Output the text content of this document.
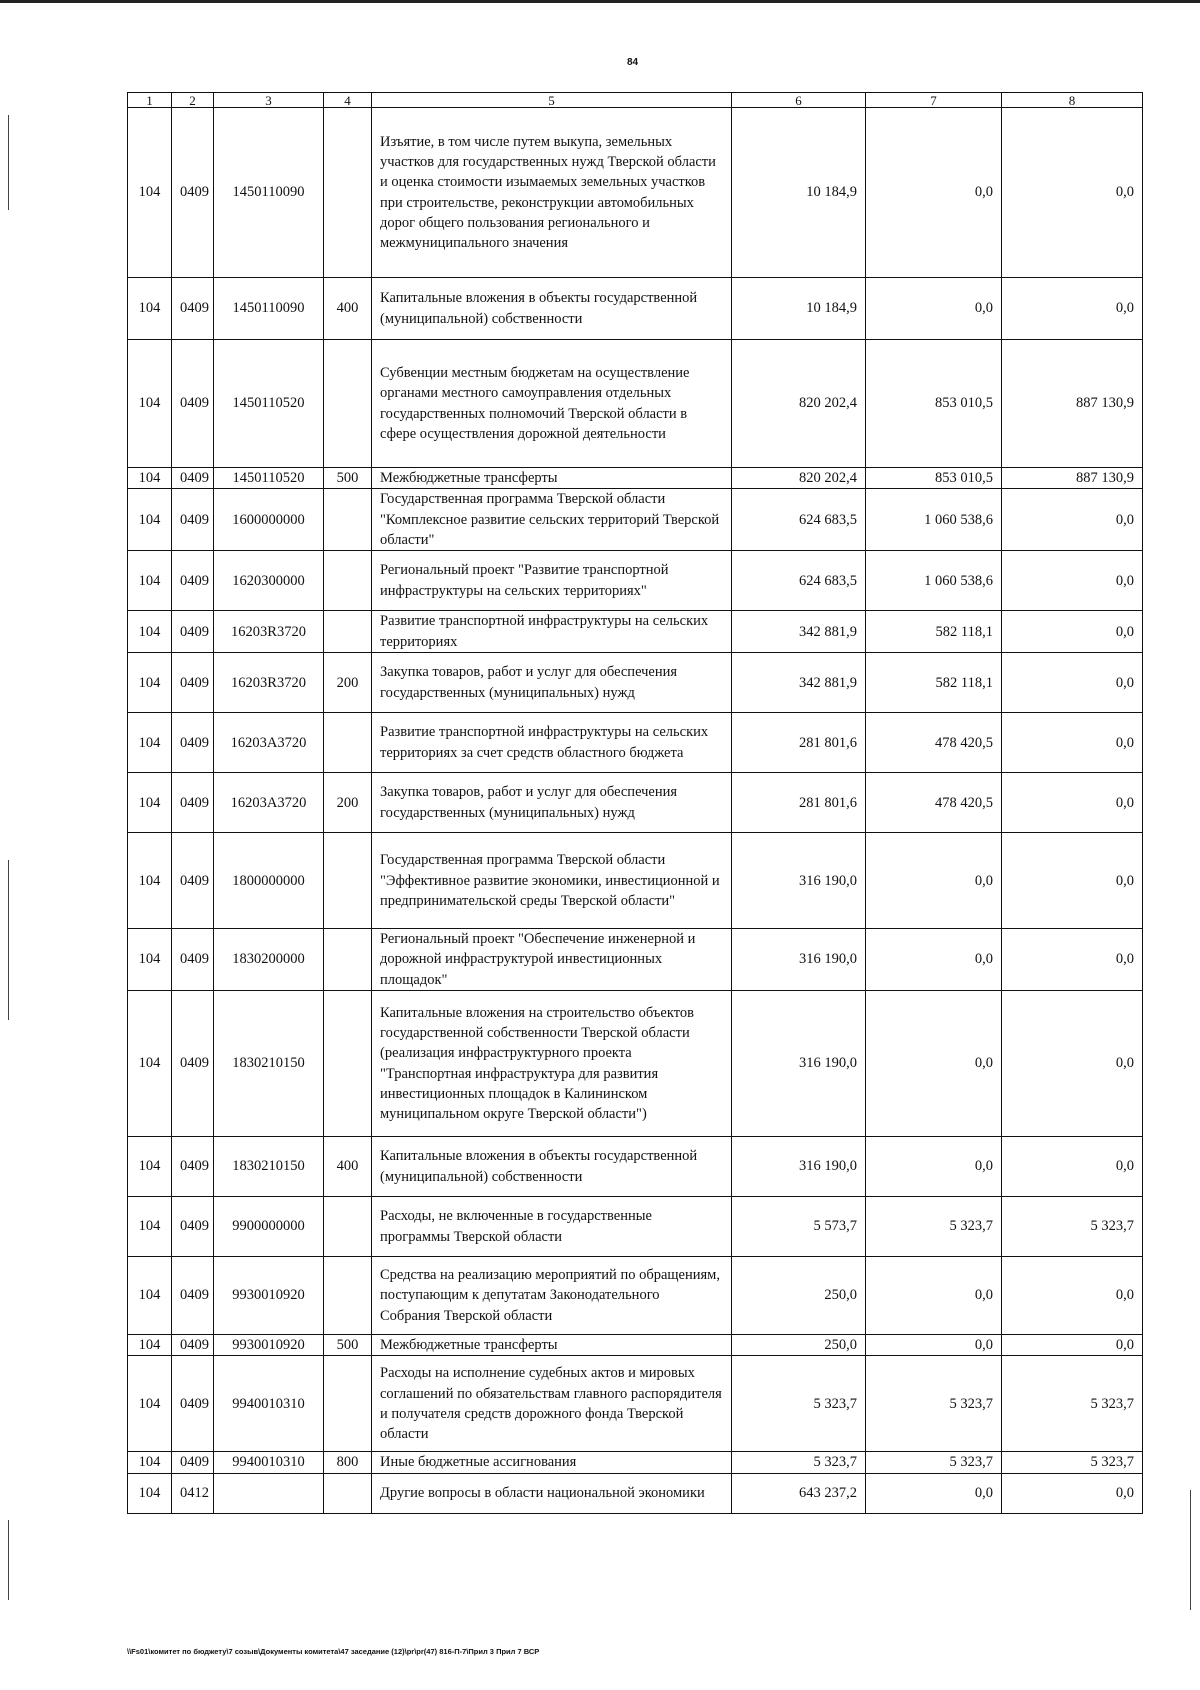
84
1	2	3	4	5	6	7	8
104	0409	1450110090		Изъятие, в том числе путем выкупа, земельных участков для государственных нужд Тверской области и оценка стоимости изымаемых земельных участков при строительстве, реконструкции автомобильных дорог общего пользования регионального и межмуниципального значения	10 184,9	0,0	0,0
104	0409	1450110090	400	Капитальные вложения в объекты государственной (муниципальной) собственности	10 184,9	0,0	0,0
104	0409	1450110520		Субвенции местным бюджетам на осуществление органами местного самоуправления отдельных государственных полномочий Тверской области в сфере осуществления дорожной деятельности	820 202,4	853 010,5	887 130,9
104	0409	1450110520	500	Межбюджетные трансферты	820 202,4	853 010,5	887 130,9
104	0409	1600000000		Государственная программа Тверской области "Комплексное развитие сельских территорий Тверской области"	624 683,5	1 060 538,6	0,0
104	0409	1620300000		Региональный проект "Развитие транспортной инфраструктуры на сельских территориях"	624 683,5	1 060 538,6	0,0
104	0409	16203R3720		Развитие транспортной инфраструктуры на сельских территориях	342 881,9	582 118,1	0,0
104	0409	16203R3720	200	Закупка товаров, работ и услуг для обеспечения государственных (муниципальных) нужд	342 881,9	582 118,1	0,0
104	0409	16203A3720		Развитие транспортной инфраструктуры на сельских территориях за счет средств областного бюджета	281 801,6	478 420,5	0,0
104	0409	16203A3720	200	Закупка товаров, работ и услуг для обеспечения государственных (муниципальных) нужд	281 801,6	478 420,5	0,0
104	0409	1800000000		Государственная программа Тверской области "Эффективное развитие экономики, инвестиционной и предпринимательской среды Тверской области"	316 190,0	0,0	0,0
104	0409	1830200000		Региональный проект "Обеспечение инженерной и дорожной инфраструктурой инвестиционных площадок"	316 190,0	0,0	0,0
104	0409	1830210150		Капитальные вложения на строительство объектов государственной собственности Тверской области (реализация инфраструктурного проекта "Транспортная инфраструктура для развития инвестиционных площадок в Калининском муниципальном округе Тверской области")	316 190,0	0,0	0,0
104	0409	1830210150	400	Капитальные вложения в объекты государственной (муниципальной) собственности	316 190,0	0,0	0,0
104	0409	9900000000		Расходы, не включенные в государственные программы Тверской области	5 573,7	5 323,7	5 323,7
104	0409	9930010920		Средства на реализацию мероприятий по обращениям, поступающим к депутатам Законодательного Собрания Тверской области	250,0	0,0	0,0
104	0409	9930010920	500	Межбюджетные трансферты	250,0	0,0	0,0
104	0409	9940010310		Расходы на исполнение судебных актов и мировых соглашений по обязательствам главного распорядителя и получателя средств дорожного фонда Тверской области	5 323,7	5 323,7	5 323,7
104	0409	9940010310	800	Иные бюджетные ассигнования	5 323,7	5 323,7	5 323,7
104	0412			Другие вопросы в области национальной экономики	643 237,2	0,0	0,0
\\Fs01\комитет по бюджету\7 созыв\Документы комитета\47 заседание (12)\pr\pr(47) 816-П-7\Прил 3 Прил 7 ВСР
